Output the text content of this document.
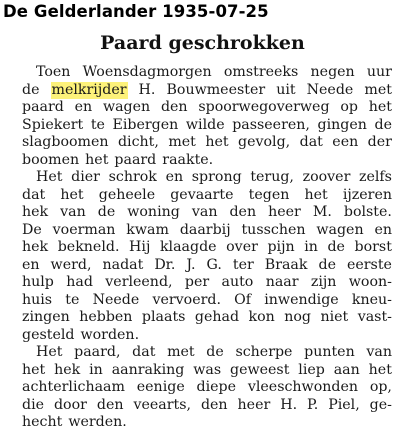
De Gelderlander 1935-07-25
Paard geschrokken
Toen Woensdagmorgen omstreeks negen uur
de melkrijder H. Bouwmeester uit Neede met
paard en wagen den spoorwegoverweg op het
Spiekert te Eibergen wilde passeeren, gingen de
slagboomen dicht, met het gevolg, dat een der
boomen het paard raakte.
Het dier schrok en sprong terug, zoover zelfs
dat het geheele gevaarte tegen het ijzeren
hek van de woning van den heer M. bolste.
De voerman kwam daarbij tusschen wagen en
hek bekneld. Hij klaagde over pijn in de borst
en werd, nadat Dr. J. G. ter Braak de eerste
hulp had verleend, per auto naar zijn woon-
huis te Neede vervoerd. Of inwendige kneu-
zingen hebben plaats gehad kon nog niet vast-
gesteld worden.
Het paard, dat met de scherpe punten van
het hek in aanraking was geweest liep aan het
achterlichaam eenige diepe vleeschwonden op,
die door den veearts, den heer H. P. Piel, ge-
hecht werden.
